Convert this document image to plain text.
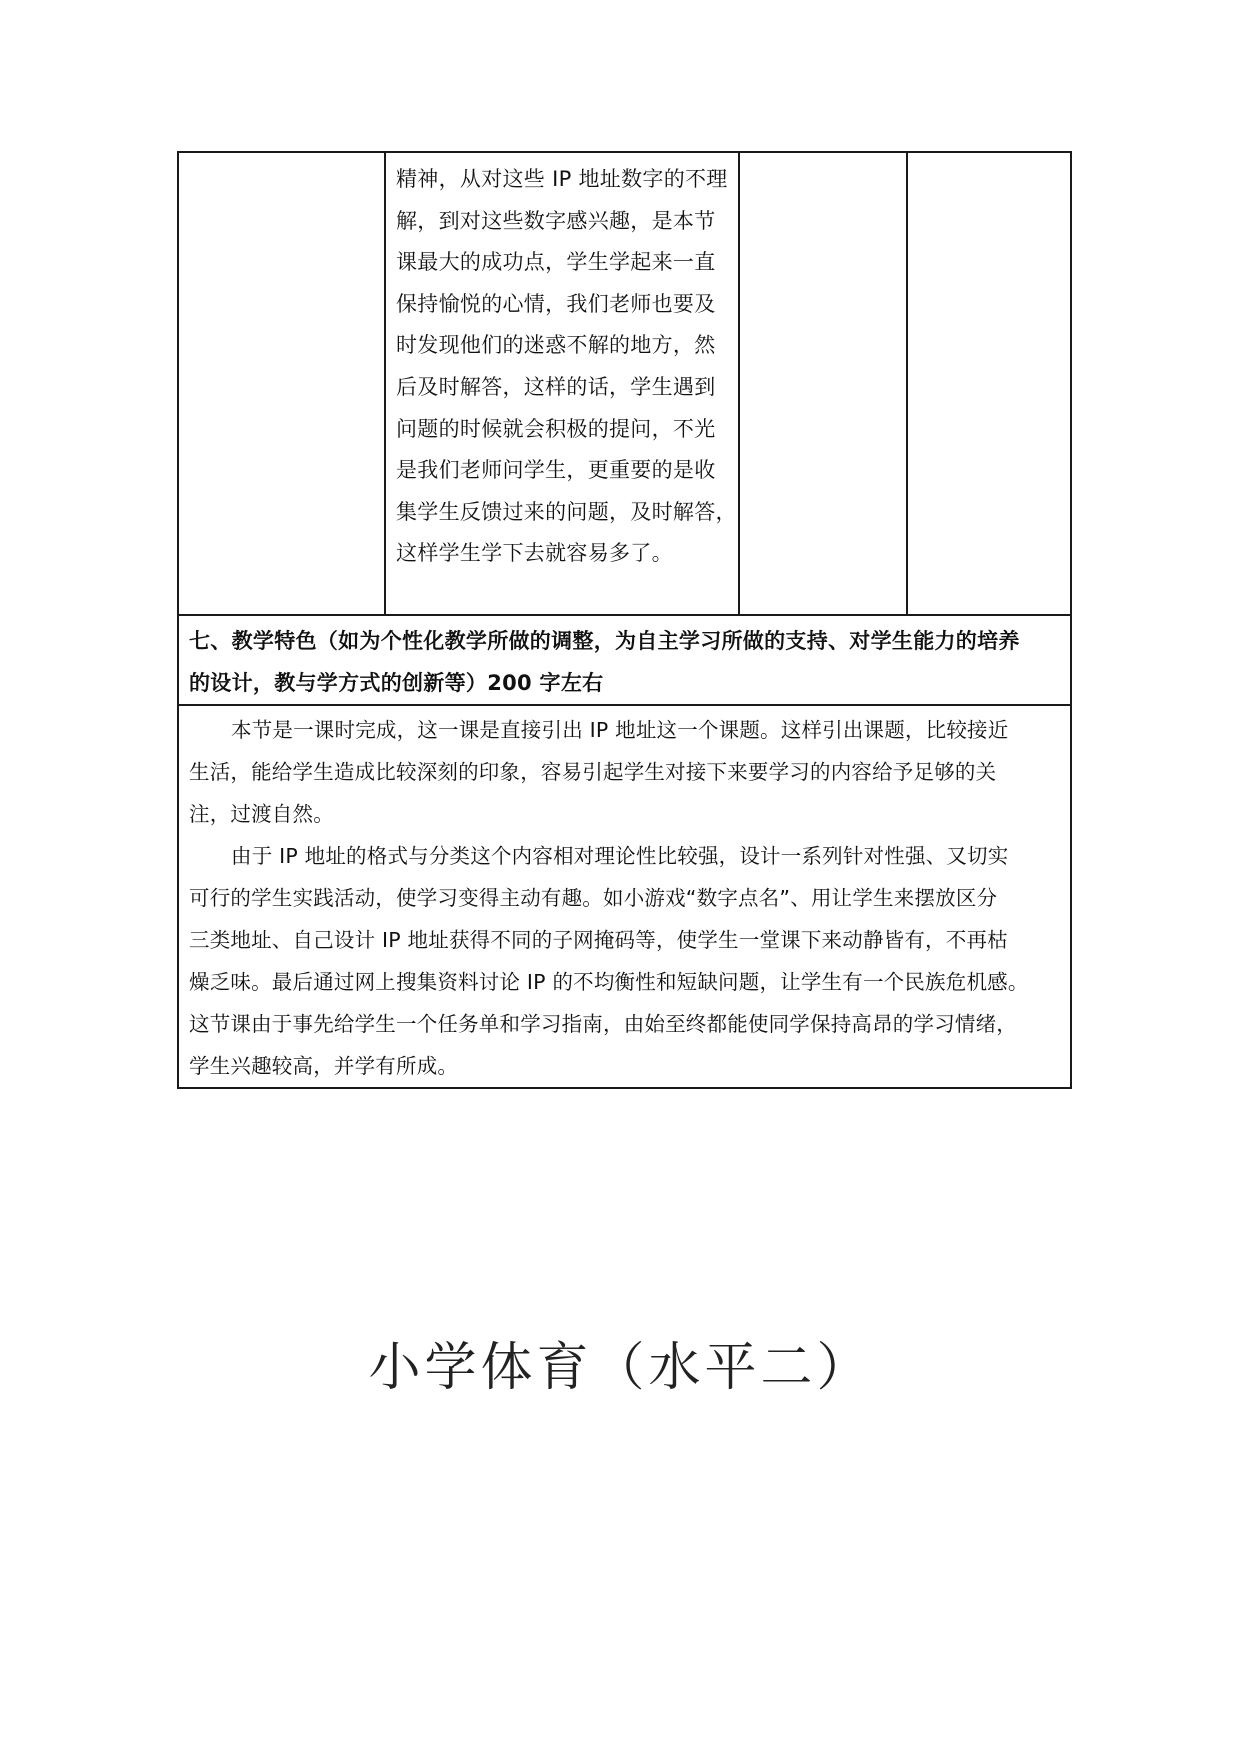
精神，从对这些 IP 地址数字的不理
解，到对这些数字感兴趣，是本节
课最大的成功点，学生学起来一直
保持愉悦的心情，我们老师也要及
时发现他们的迷惑不解的地方，然
后及时解答，这样的话，学生遇到
问题的时候就会积极的提问，不光
是我们老师问学生，更重要的是收
集学生反馈过来的问题，及时解答，
这样学生学下去就容易多了。

七、教学特色（如为个性化教学所做的调整，为自主学习所做的支持、对学生能力的培养
的设计，教与学方式的创新等）200 字左右

本节是一课时完成，这一课是直接引出 IP 地址这一个课题。这样引出课题，比较接近
生活，能给学生造成比较深刻的印象，容易引起学生对接下来要学习的内容给予足够的关
注，过渡自然。
由于 IP 地址的格式与分类这个内容相对理论性比较强，设计一系列针对性强、又切实
可行的学生实践活动，使学习变得主动有趣。如小游戏“数字点名”、用让学生来摆放区分
三类地址、自己设计 IP 地址获得不同的子网掩码等，使学生一堂课下来动静皆有，不再枯
燥乏味。最后通过网上搜集资料讨论 IP 的不均衡性和短缺问题，让学生有一个民族危机感。
这节课由于事先给学生一个任务单和学习指南，由始至终都能使同学保持高昂的学习情绪，
学生兴趣较高，并学有所成。
小学体育（水平二）
